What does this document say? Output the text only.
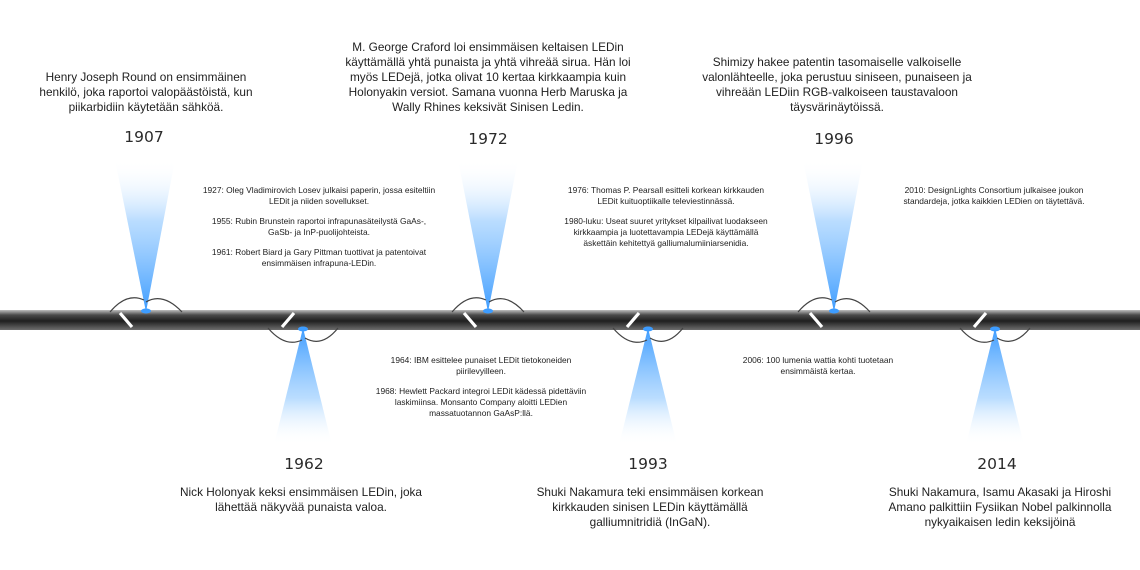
Henry Joseph Round on ensimmäinen henkilö, joka raportoi valopäästöistä, kun piikarbidiin käytetään sähköä.
M. George Craford loi ensimmäisen keltaisen LEDin käyttämällä yhtä punaista ja yhtä vihreää sirua. Hän loi myös LEDejä, jotka olivat 10 kertaa kirkkaampia kuin Holonyakin versiot. Samana vuonna Herb Maruska ja Wally Rhines keksivät Sinisen Ledin.
Shimizy hakee patentin tasomaiselle valkoiselle valonlähteelle, joka perustuu siniseen, punaiseen ja vihreään LEDiin RGB-valkoiseen taustavaloon täysvärinäytöissä.
1907
1962
1972
1993
1996
2014
Nick Holonyak keksi ensimmäisen LEDin, joka lähettää näkyvää punaista valoa.
Shuki Nakamura teki ensimmäisen korkean kirkkauden sinisen LEDin käyttämällä galliumnitridiä (InGaN).
Shuki Nakamura, Isamu Akasaki ja Hiroshi Amano palkittiin Fysiikan Nobel palkinnolla nykyaikaisen ledin keksijöinä

1927: Oleg Vladimirovich Losev julkaisi paperin, jossa esiteltiin LEDit ja niiden sovellukset.

1955: Rubin Brunstein raportoi infrapunasäteilystä GaAs-, GaSb- ja InP-puolijohteista.

1961: Robert Biard ja Gary Pittman tuottivat ja patentoivat ensimmäisen infrapuna-LEDin.

1964: IBM esittelee punaiset LEDit tietokoneiden piirilevyilleen.

1968: Hewlett Packard integroi LEDit kädessä pidettäviin laskimiinsa. Monsanto Company aloitti LEDien massatuotannon GaAsP:llä.

1976: Thomas P. Pearsall esitteli korkean kirkkauden LEDit kuituoptiikalle televiestinnässä.

1980-luku: Useat suuret yritykset kilpailivat luodakseen kirkkaampia ja luotettavampia LEDejä käyttämällä äskettäin kehitettyä galliumalumiiniarsenidia.

2006: 100 lumenia wattia kohti tuotetaan ensimmäistä kertaa.

2010: DesignLights Consortium julkaisee joukon standardeja, jotka kaikkien LEDien on täytettävä.
